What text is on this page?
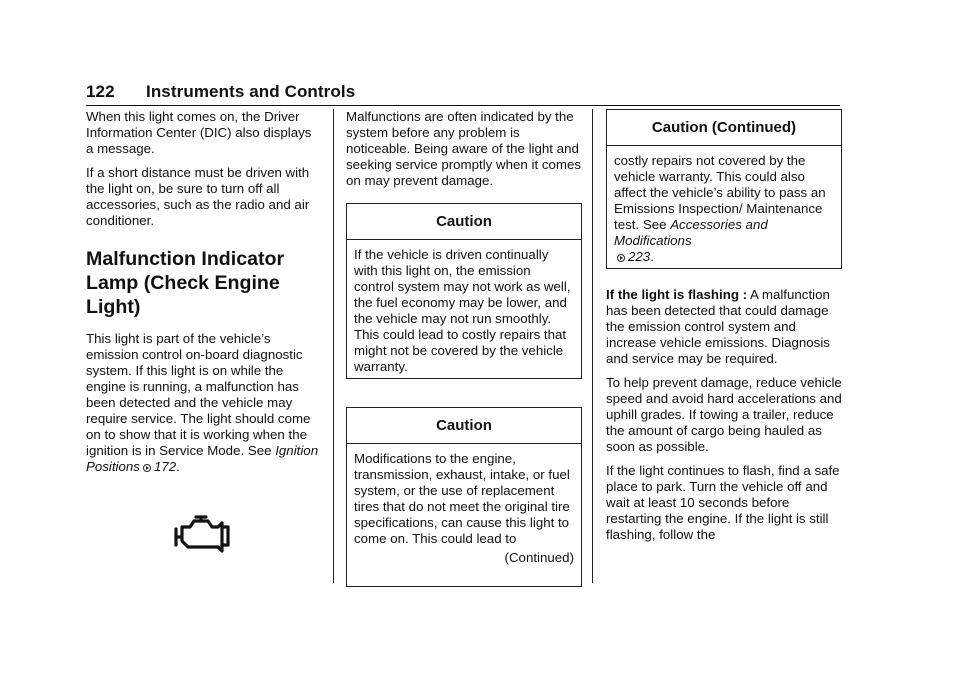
122 Instruments and Controls

When this light comes on, the Driver Information Center (DIC) also displays a message.

If a short distance must be driven with the light on, be sure to turn off all accessories, such as the radio and air conditioner.

Malfunction Indicator Lamp (Check Engine Light)

This light is part of the vehicle’s emission control on-board diagnostic system. If this light is on while the engine is running, a malfunction has been detected and the vehicle may require service. The light should come on to show that it is working when the ignition is in Service Mode. See Ignition Positions 172.

Malfunctions are often indicated by the system before any problem is noticeable. Being aware of the light and seeking service promptly when it comes on may prevent damage.

Caution
If the vehicle is driven continually with this light on, the emission control system may not work as well, the fuel economy may be lower, and the vehicle may not run smoothly. This could lead to costly repairs that might not be covered by the vehicle warranty.
Caution
Modifications to the engine, transmission, exhaust, intake, or fuel system, or the use of replacement tires that do not meet the original tire specifications, can cause this light to come on. This could lead to
(Continued)
Caution (Continued)
costly repairs not covered by the vehicle warranty. This could also affect the vehicle’s ability to pass an Emissions Inspection/ Maintenance test. See Accessories and Modifications
223.

If the light is flashing : A malfunction has been detected that could damage the emission control system and increase vehicle emissions. Diagnosis and service may be required.

To help prevent damage, reduce vehicle speed and avoid hard accelerations and uphill grades. If towing a trailer, reduce the amount of cargo being hauled as soon as possible.

If the light continues to flash, find a safe place to park. Turn the vehicle off and wait at least 10 seconds before restarting the engine. If the light is still flashing, follow the
